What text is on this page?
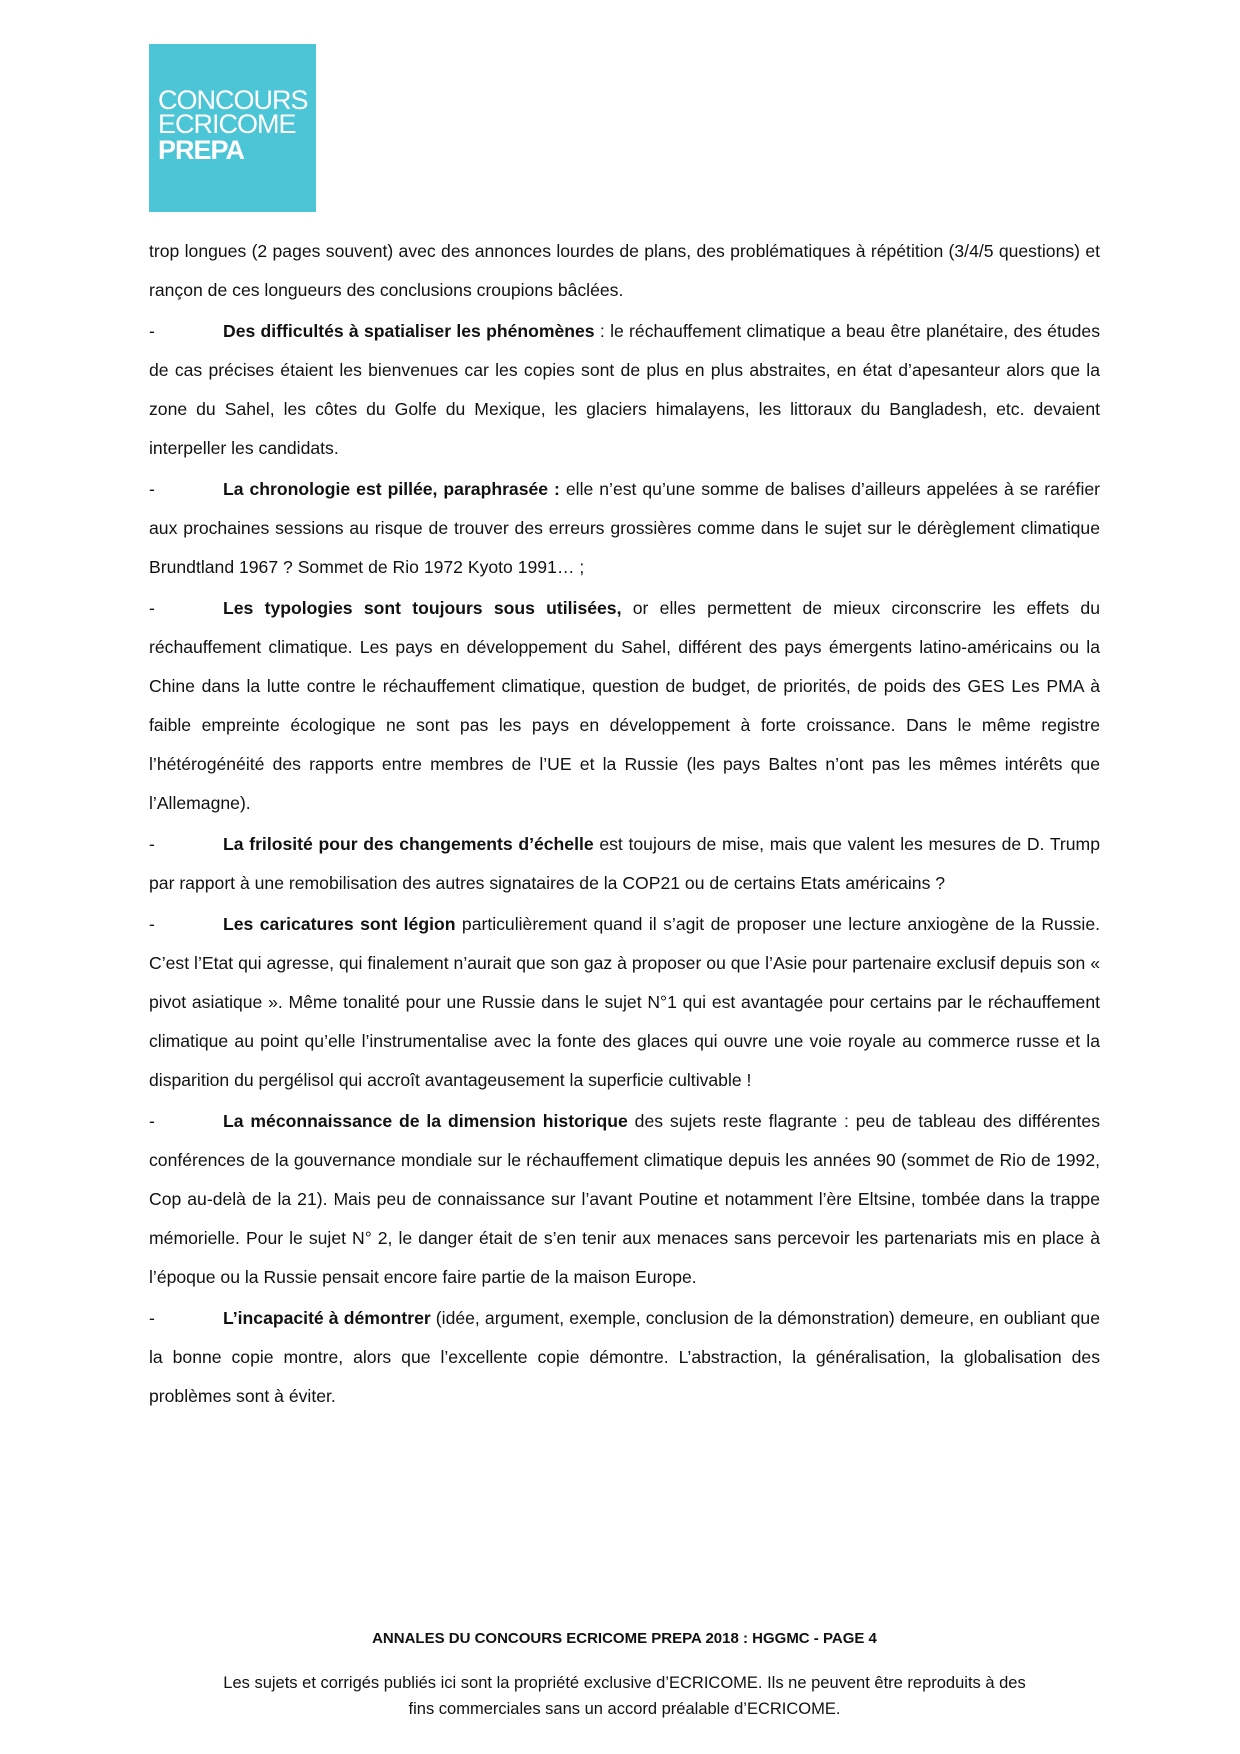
CONCOURS
ECRICOME
PREPA

trop longues (2 pages souvent) avec des annonces lourdes de plans, des problématiques à répétition (3/4/5 questions) et rançon de ces longueurs des conclusions croupions bâclées.

-	Des difficultés à spatialiser les phénomènes : le réchauffement climatique a beau être planétaire, des études de cas précises étaient les bienvenues car les copies sont de plus en plus abstraites, en état d’apesanteur alors que la zone du Sahel, les côtes du Golfe du Mexique, les glaciers himalayens, les littoraux du Bangladesh, etc. devaient interpeller les candidats.

-	La chronologie est pillée, paraphrasée : elle n’est qu’une somme de balises d’ailleurs appelées à se raréfier aux prochaines sessions au risque de trouver des erreurs grossières comme dans le sujet sur le dérèglement climatique Brundtland 1967 ? Sommet de Rio 1972 Kyoto 1991… ;

-	Les typologies sont toujours sous utilisées, or elles permettent de mieux circonscrire les effets du réchauffement climatique. Les pays en développement du Sahel, différent des pays émergents latino-américains ou la Chine dans la lutte contre le réchauffement climatique, question de budget, de priorités, de poids des GES Les PMA à faible empreinte écologique ne sont pas les pays en développement à forte croissance. Dans le même registre l’hétérogénéité des rapports entre membres de l’UE et la Russie (les pays Baltes n’ont pas les mêmes intérêts que l’Allemagne).

-	La frilosité pour des changements d’échelle est toujours de mise, mais que valent les mesures de D. Trump par rapport à une remobilisation des autres signataires de la COP21 ou de certains Etats américains ?

-	Les caricatures sont légion particulièrement quand il s’agit de proposer une lecture anxiogène de la Russie. C’est l’Etat qui agresse, qui finalement n’aurait que son gaz à proposer ou que l’Asie pour partenaire exclusif depuis son « pivot asiatique ». Même tonalité pour une Russie dans le sujet N°1 qui est avantagée pour certains par le réchauffement climatique au point qu’elle l’instrumentalise avec la fonte des glaces qui ouvre une voie royale au commerce russe et la disparition du pergélisol qui accroît avantageusement la superficie cultivable !

-	La méconnaissance de la dimension historique des sujets reste flagrante : peu de tableau des différentes conférences de la gouvernance mondiale sur le réchauffement climatique depuis les années 90 (sommet de Rio de 1992, Cop au-delà de la 21). Mais peu de connaissance sur l’avant Poutine et notamment l’ère Eltsine, tombée dans la trappe mémorielle. Pour le sujet N° 2, le danger était de s’en tenir aux menaces sans percevoir les partenariats mis en place à l’époque ou la Russie pensait encore faire partie de la maison Europe.

-	L’incapacité à démontrer (idée, argument, exemple, conclusion de la démonstration) demeure, en oubliant que la bonne copie montre, alors que l’excellente copie démontre. L’abstraction, la généralisation, la globalisation des problèmes sont à éviter.

ANNALES DU CONCOURS ECRICOME PREPA 2018 : HGGMC - PAGE 4
Les sujets et corrigés publiés ici sont la propriété exclusive d’ECRICOME. Ils ne peuvent être reproduits à des
fins commerciales sans un accord préalable d’ECRICOME.
